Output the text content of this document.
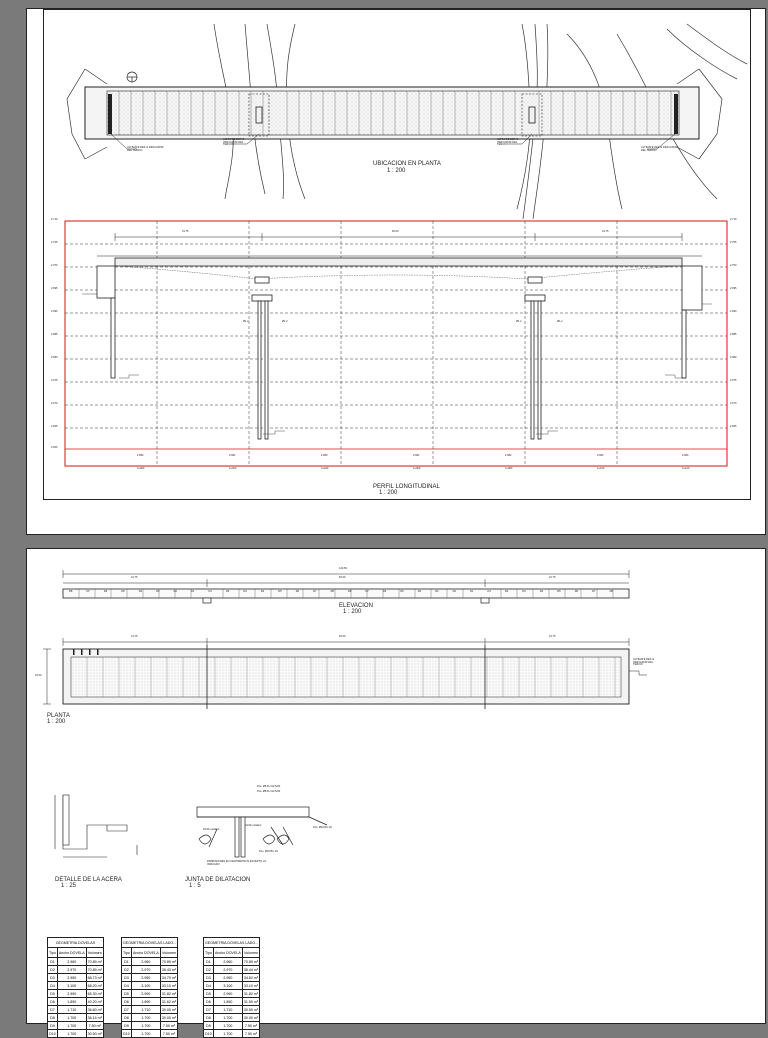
2.710
2.705
2.700
2.695
2.690
2.685
2.680
2.675
2.670
2.665
2.660
2.710
2.705
2.700
2.695
2.690
2.685
2.680
2.675
2.670
2.665
31.75	60.00	31.75
Ø1.2	Ø1.2	Ø1.2	Ø1.2
2.684	2.681	2.680	2.681	2.682	2.683	2.684
0+000	0+020	0+040	0+060	0+080	0+100	0+120
ULTIMATE DEF. E INDICADOR DEL TERCIO
ULTIMATE DEF. E INDICADOR DEL TERCIO
ULTIMATE DEF. E INDICADOR DEL TERCIO
ULTIMATE DEF. E INDICADOR DEL TERCIO
UBICACION EN PLANTA
1 : 200
PERFIL LONGITUDINAL
1 : 200
123.50
31.75	60.00	31.75
D8	D7	D6	D5	D4	D3	D2	D1	D1	D2	D3	D4	D5	D6	D7	D8	D8	D7	D6	D5	D4	D3	D2	D1	D1	D2	D3	D4	D5	D6	D7	D8
ELEVACION
1 : 200
31.75	60.00	31.75
10.00
ULTIMATE DEF. E INDICADOR DEL TERCIO
PLANTA
1 : 200
DETALLE DE LA ACERA
1 : 25
JUNTA DE DILATACION
1 : 5
Pos. Ø8 B c/12.5/20
Pos. Ø8 B c/12.5/20
Perfil metalico
Perfil metalico
Pos. Ø20 B/c.20
Pos. Ø20 B/c.20
DIMENSIONES EN CENTIMETROS EXCEPTO LO INDICADO
GEOMETRIA DOVELAS		
Tipo	Ancho DOVELA	Volumen
D1	2.960	70.89 m³
D2	2.970	70.89 m³
D3	2.950	68.73 m³
D4	3.100	68.20 m³
D5	2.990	65.30 m³
D6	1.890	40.20 m³
D7	1.710	36.60 m³
D8	1.700	36.14 m³
D9	1.700	7.50 m³
D10	1.700	30.50 m³
GEOMETRIA DOVELAS LADO...		
Tipo	Ancho DOVELA	Volumen
D1	2.960	70.89 m³
D2	2.970	36.43 m³
D3	2.950	34.70 m³
D4	3.100	33.10 m³
D5	2.990	31.82 m³
D6	1.890	31.62 m³
D7	1.710	30.00 m³
D8	1.700	30.00 m³
D9	1.700	7.50 m³
D10	1.700	7.50 m³
GEOMETRIA DOVELAS LADO...		
Tipo	Ancho DOVELA	Volumen
D1	2.960	70.89 m³
D2	2.970	36.44 m³
D3	2.950	34.62 m³
D4	3.100	33.10 m³
D5	2.990	31.82 m³
D6	1.890	31.50 m³
D7	1.710	30.50 m³
D8	1.700	30.00 m³
D9	1.700	7.50 m³
D10	1.700	7.50 m³
